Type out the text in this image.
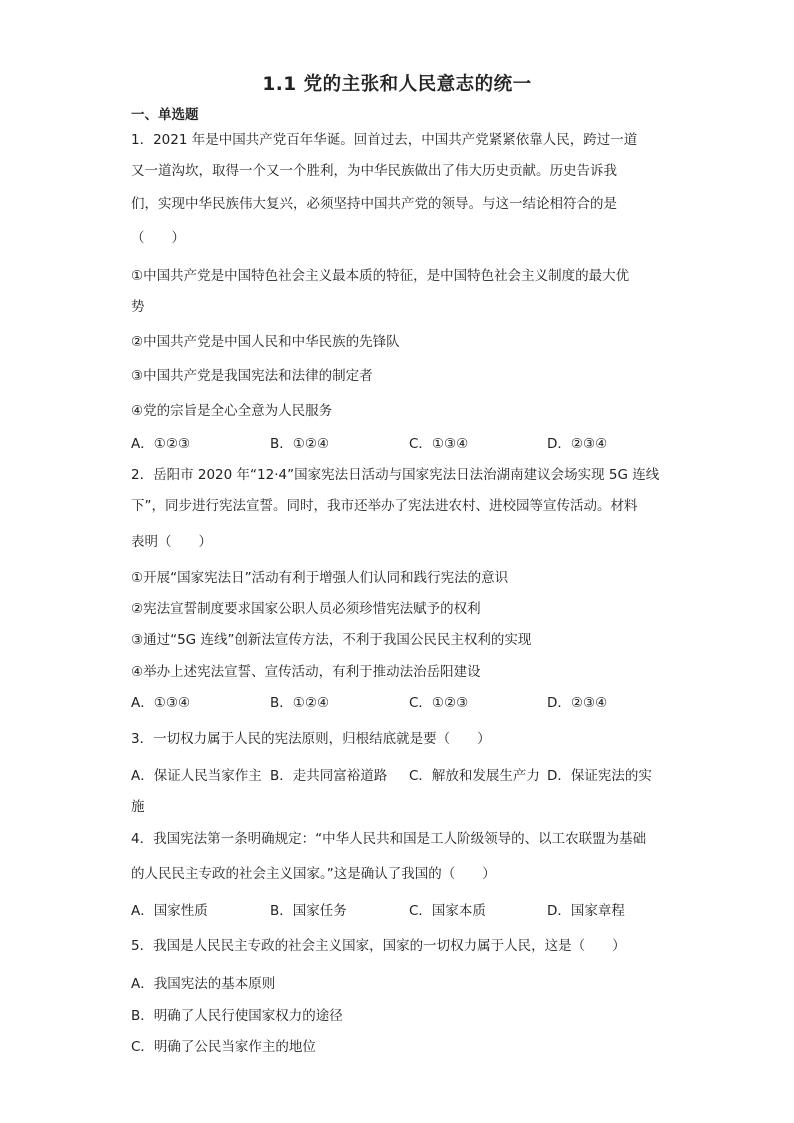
1.1 党的主张和人民意志的统一
一、单选题
1．2021 年是中国共产党百年华诞。回首过去，中国共产党紧紧依靠人民，跨过一道
又一道沟坎，取得一个又一个胜利，为中华民族做出了伟大历史贡献。历史告诉我
们，实现中华民族伟大复兴，必须坚持中国共产党的领导。与这一结论相符合的是
（　　）
①中国共产党是中国特色社会主义最本质的特征，是中国特色社会主义制度的最大优
势
②中国共产党是中国人民和中华民族的先锋队
③中国共产党是我国宪法和法律的制定者
④党的宗旨是全心全意为人民服务
A．①②③	B．①②④	C．①③④	D．②③④
2．岳阳市 2020 年“12·4”国家宪法日活动与国家宪法日法治湖南建议会场实现 5G 连线
下”，同步进行宪法宣誓。同时，我市还举办了宪法进农村、进校园等宣传活动。材料
表明（　　）
①开展“国家宪法日”活动有利于增强人们认同和践行宪法的意识
②宪法宣誓制度要求国家公职人员必须珍惜宪法赋予的权利
③通过“5G 连线”创新法宣传方法，不利于我国公民民主权利的实现
④举办上述宪法宣誓、宣传活动，有利于推动法治岳阳建设
A．①③④	B．①②④	C．①②③	D．②③④
3．一切权力属于人民的宪法原则，归根结底就是要（　　）
A．保证人民当家作主 B．走共同富裕道路 C．解放和发展生产力 D．保证宪法的实
施
4．我国宪法第一条明确规定：“中华人民共和国是工人阶级领导的、以工农联盟为基础
的人民民主专政的社会主义国家。”这是确认了我国的（　　）
A．国家性质	B．国家任务	C．国家本质	D．国家章程
5．我国是人民民主专政的社会主义国家，国家的一切权力属于人民，这是（　　）
A．我国宪法的基本原则
B．明确了人民行使国家权力的途径
C．明确了公民当家作主的地位
